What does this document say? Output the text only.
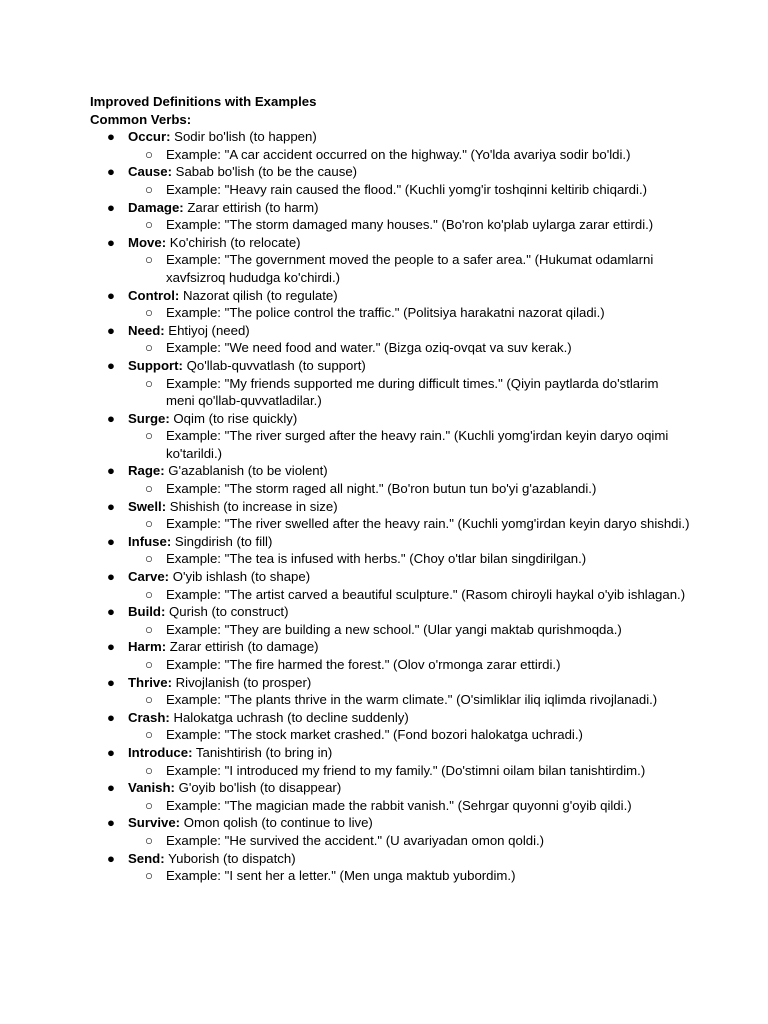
Improved Definitions with Examples
Common Verbs:
● Occur: Sodir bo'lish (to happen)
○ Example: "A car accident occurred on the highway." (Yo'lda avariya sodir bo'ldi.)
● Cause: Sabab bo'lish (to be the cause)
○ Example: "Heavy rain caused the flood." (Kuchli yomg'ir toshqinni keltirib chiqardi.)
● Damage: Zarar ettirish (to harm)
○ Example: "The storm damaged many houses." (Bo'ron ko'plab uylarga zarar ettirdi.)
● Move: Ko'chirish (to relocate)
○ Example: "The government moved the people to a safer area." (Hukumat odamlarni xavfsizroq hududga ko'chirdi.)
● Control: Nazorat qilish (to regulate)
○ Example: "The police control the traffic." (Politsiya harakatni nazorat qiladi.)
● Need: Ehtiyoj (need)
○ Example: "We need food and water." (Bizga oziq-ovqat va suv kerak.)
● Support: Qo'llab-quvvatlash (to support)
○ Example: "My friends supported me during difficult times." (Qiyin paytlarda do'stlarim meni qo'llab-quvvatladilar.)
● Surge: Oqim (to rise quickly)
○ Example: "The river surged after the heavy rain." (Kuchli yomg'irdan keyin daryo oqimi ko'tarildi.)
● Rage: G'azablanish (to be violent)
○ Example: "The storm raged all night." (Bo'ron butun tun bo'yi g'azablandi.)
● Swell: Shishish (to increase in size)
○ Example: "The river swelled after the heavy rain." (Kuchli yomg'irdan keyin daryo shishdi.)
● Infuse: Singdirish (to fill)
○ Example: "The tea is infused with herbs." (Choy o'tlar bilan singdirilgan.)
● Carve: O'yib ishlash (to shape)
○ Example: "The artist carved a beautiful sculpture." (Rasom chiroyli haykal o'yib ishlagan.)
● Build: Qurish (to construct)
○ Example: "They are building a new school." (Ular yangi maktab qurishmoqda.)
● Harm: Zarar ettirish (to damage)
○ Example: "The fire harmed the forest." (Olov o'rmonga zarar ettirdi.)
● Thrive: Rivojlanish (to prosper)
○ Example: "The plants thrive in the warm climate." (O'simliklar iliq iqlimda rivojlanadi.)
● Crash: Halokatga uchrash (to decline suddenly)
○ Example: "The stock market crashed." (Fond bozori halokatga uchradi.)
● Introduce: Tanishtirish (to bring in)
○ Example: "I introduced my friend to my family." (Do'stimni oilam bilan tanishtirdim.)
● Vanish: G'oyib bo'lish (to disappear)
○ Example: "The magician made the rabbit vanish." (Sehrgar quyonni g'oyib qildi.)
● Survive: Omon qolish (to continue to live)
○ Example: "He survived the accident." (U avariyadan omon qoldi.)
● Send: Yuborish (to dispatch)
○ Example: "I sent her a letter." (Men unga maktub yubordim.)
